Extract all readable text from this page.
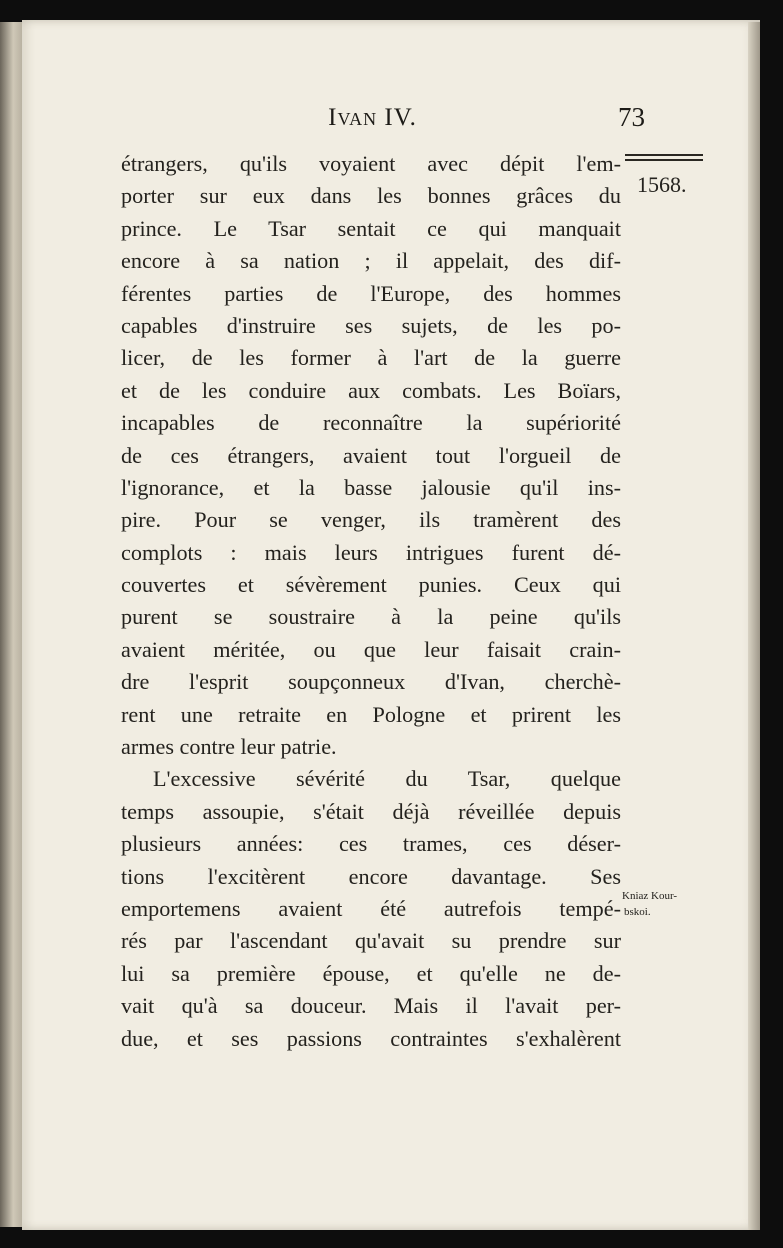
Ivan IV.	73
1568.
Kniaz Kour-
bskoi.
étrangers, qu'ils voyaient avec dépit l'em-
porter sur eux dans les bonnes grâces du
prince. Le Tsar sentait ce qui manquait
encore à sa nation ; il appelait, des dif-
férentes parties de l'Europe, des hommes
capables d'instruire ses sujets, de les po-
licer, de les former à l'art de la guerre
et de les conduire aux combats. Les Boïars,
incapables de reconnaître la supériorité
de ces étrangers, avaient tout l'orgueil de
l'ignorance, et la basse jalousie qu'il ins-
pire. Pour se venger, ils tramèrent des
complots : mais leurs intrigues furent dé-
couvertes et sévèrement punies. Ceux qui
purent se soustraire à la peine qu'ils
avaient méritée, ou que leur faisait crain-
dre l'esprit soupçonneux d'Ivan, cherchè-
rent une retraite en Pologne et prirent les
armes contre leur patrie.
L'excessive sévérité du Tsar, quelque
temps assoupie, s'était déjà réveillée depuis
plusieurs années: ces trames, ces déser-
tions l'excitèrent encore davantage. Ses
emportemens avaient été autrefois tempé-
rés par l'ascendant qu'avait su prendre sur
lui sa première épouse, et qu'elle ne de-
vait qu'à sa douceur. Mais il l'avait per-
due, et ses passions contraintes s'exhalèrent
